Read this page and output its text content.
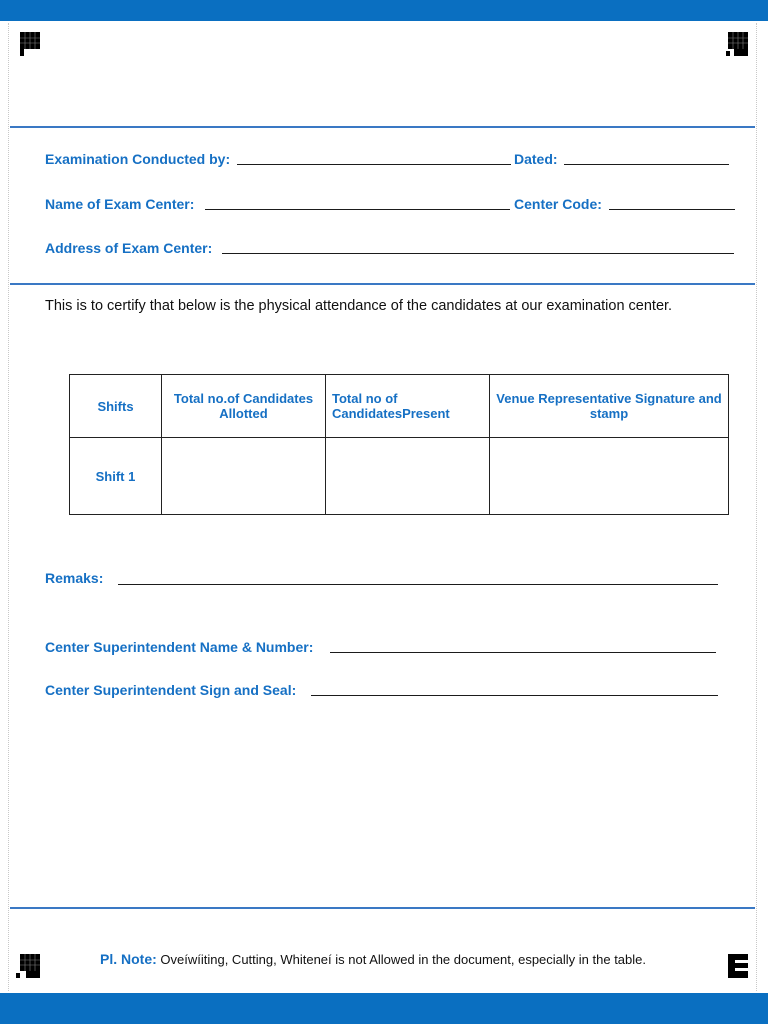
Examination Conducted by:	Dated:
Name of Exam Center:	Center Code:
Address of Exam Center:
This is to certify that below is the physical attendance of the candidates at our examination center.
Shifts	Total no.of Candidates Allotted	Total no of CandidatesPresent	Venue Representative Signature and stamp
Shift 1			
Remaks:
Center Superintendent Name & Number:
Center Superintendent Sign and Seal:
Pl. Note: Oveíwíiting, Cutting, Whiteneí is not Allowed in the document, especially in the table.
